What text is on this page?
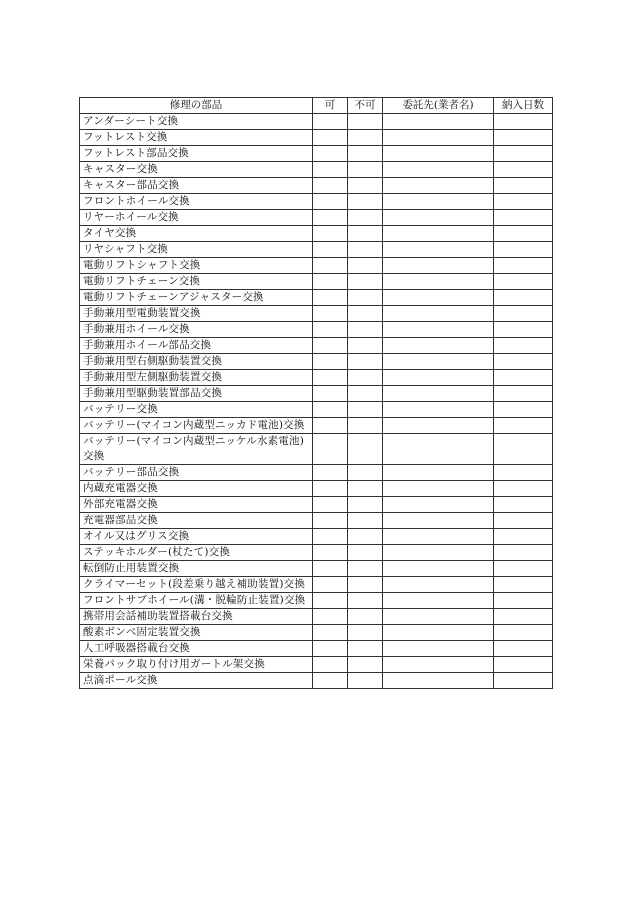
修理の部品	可	不可	委託先(業者名)	納入日数
アンダーシート交換				
フットレスト交換				
フットレスト部品交換				
キャスター交換				
キャスター部品交換				
フロントホイール交換				
リヤーホイール交換				
タイヤ交換				
リヤシャフト交換				
電動リフトシャフト交換				
電動リフトチェーン交換				
電動リフトチェーンアジャスター交換				
手動兼用型電動装置交換				
手動兼用ホイール交換				
手動兼用ホイール部品交換				
手動兼用型右側駆動装置交換				
手動兼用型左側駆動装置交換				
手動兼用型駆動装置部品交換				
バッテリー交換				
バッテリー(マイコン内蔵型ニッカド電池)交換				
バッテリー(マイコン内蔵型ニッケル水素電池)交換				
バッテリー部品交換				
内蔵充電器交換				
外部充電器交換				
充電器部品交換				
オイル又はグリス交換				
ステッキホルダー(杖たて)交換				
転倒防止用装置交換				
クライマーセット(段差乗り越え補助装置)交換				
フロントサブホイール(溝・脱輪防止装置)交換				
携帯用会話補助装置搭載台交換				
酸素ボンベ固定装置交換				
人工呼吸器搭載台交換				
栄養パック取り付け用ガートル架交換				
点滴ポール交換				
